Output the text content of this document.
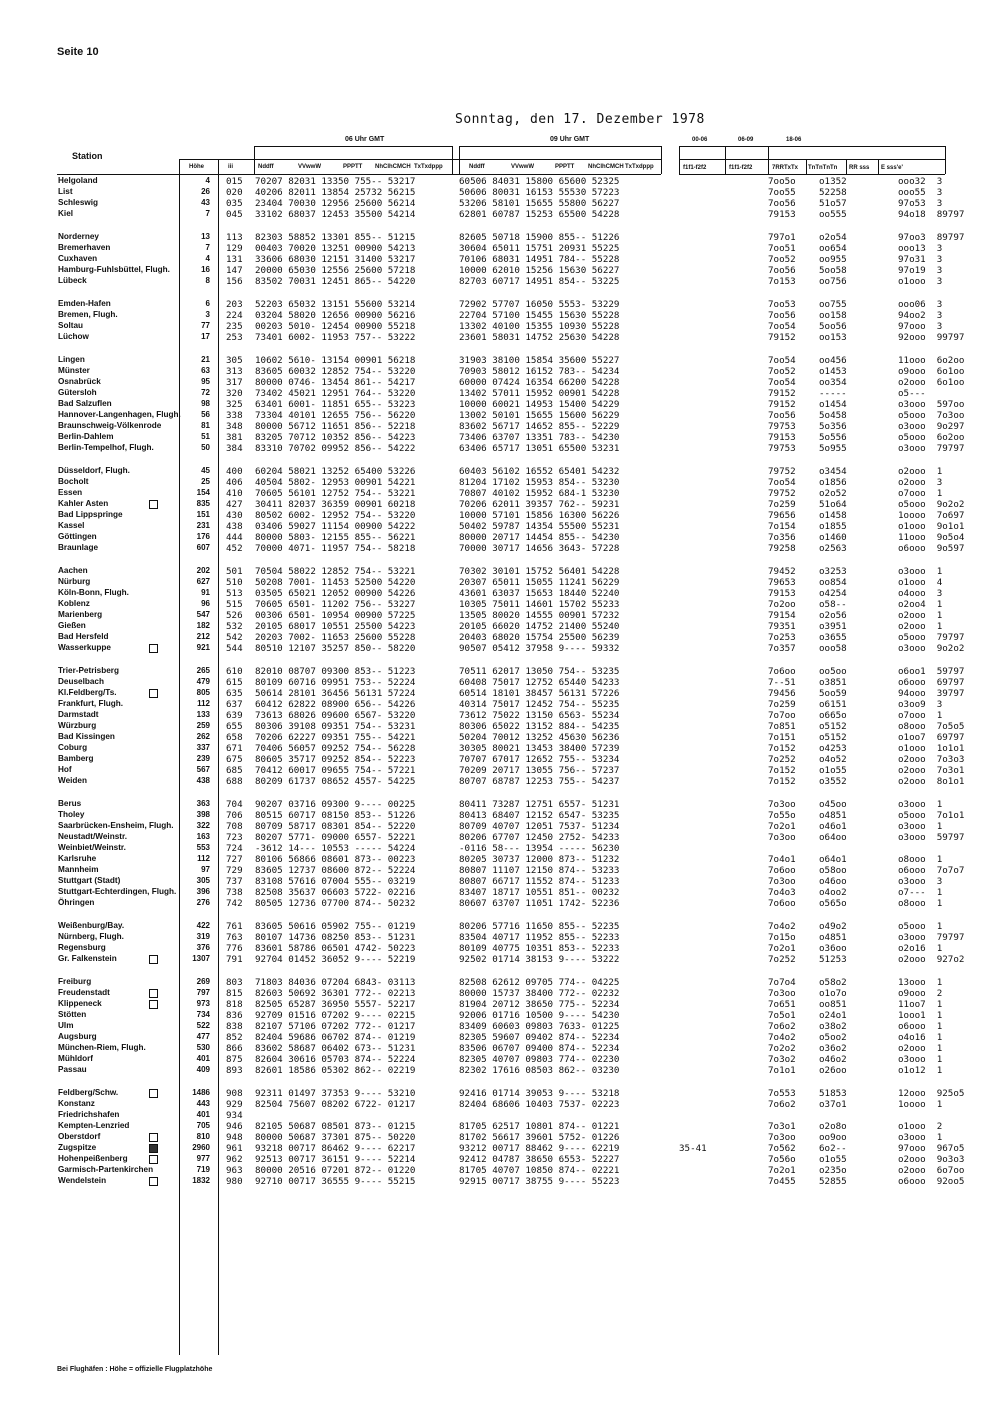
Seite 10
Sonntag, den 17. Dezember 1978
Station
Höhe	iii
06 Uhr GMT	09 Uhr GMT
Nddff	VVwwW	PPPTT NhClhCMCH TxTxdppp	Nddff	VVwwW	PPPTT NhClhCMCH TxTxdppp
00-06	06-09	18-06
f1f1-f2f2	f1f1-f2f2	7RRTxTx TnTnTnTn RR sss E sss'e'
Helgoland	4 015 70207 82031 13350 755-- 53217	60506 84031 15800 65600 52325	7oo5o	o1352	ooo32  3
List	26 020 40206 82011 13854 25732 56215	50606 80031 16153 55530 57223	7oo55	52258	ooo55  3
Schleswig	43 035 23404 70030 12956 25600 56214	53206 58101 15655 55800 56227	7oo56	51o57	97o53  3
Kiel	7 045 33102 68037 12453 35500 54214	62801 60787 15253 65500 54228	79153	oo555	94o18  89797
Norderney	13 113 82303 58852 13301 855-- 51215	82605 50718 15900 855-- 51226	797o1	o2o54	97oo3  89797
Bremerhaven	7 129 00403 70020 13251 00900 54213	30604 65011 15751 20931 55225	7oo51	oo654	ooo13  3
Cuxhaven	4 131 33606 68030 12151 31400 53217	70106 68031 14951 784-- 55228	7oo52	oo955	97o31  3
Hamburg-Fuhlsbüttel, Flugh.	16 147 20000 65030 12556 25600 57218	10000 62010 15256 15630 56227	7oo56	5oo58	97o19  3
Lübeck	8 156 83502 70031 12451 865-- 54220	82703 60717 14951 854-- 53225	7o153	oo756	o1ooo  3
Emden-Hafen	6 203 52203 65032 13151 55600 53214	72902 57707 16050 5553- 53229	7oo53	oo755	ooo06  3
Bremen, Flugh.	3 224 03204 58020 12656 00900 56216	22704 57100 15455 15630 55228	7oo56	oo158	94oo2  3
Soltau	77 235 00203 5010- 12454 00900 55218	13302 40100 15355 10930 55228	7oo54	5oo56	97ooo  3
Lüchow	17 253 73401 6002- 11953 757-- 53222	23601 58031 14752 25630 54228	79152	oo153	92ooo  99797
Lingen	21 305 10602 5610- 13154 00901 56218	31903 38100 15854 35600 55227	7oo54	oo456	11ooo  6o2oo
Münster	63 313 83605 60032 12852 754-- 53220	70903 58012 16152 783-- 54234	7oo52	o1453	o9ooo  6o1oo
Osnabrück	95 317 80000 0746- 13454 861-- 54217	60000 07424 16354 66200 54228	7oo54	oo354	o2ooo  6o1oo
Gütersloh	72 320 73402 45021 12951 764-- 53220	13402 57011 15952 00901 54228	79152	-----	o5---
Bad Salzuflen	98 325 63401 6001- 11851 655-- 53223	10000 60021 14953 15400 54229	79152	o1454	o3ooo  597oo
Hannover-Langenhagen, Flugh.	56 338 73304 40101 12655 756-- 56220	13002 50101 15655 15600 56229	7oo56	5o458	o5ooo  7o3oo
Braunschweig-Völkenrode	81 348 80000 56712 11651 856-- 52218	83602 56717 14652 855-- 52229	79753	5o356	o3ooo  9o297
Berlin-Dahlem	51 381 83205 70712 10352 856-- 54223	73406 63707 13351 783-- 54230	79153	5o556	o5ooo  6o2oo
Berlin-Tempelhof, Flugh.	50 384 83310 70702 09952 856-- 54222	63406 65717 13051 65500 53231	79753	5o955	o3ooo  79797
Düsseldorf, Flugh.	45 400 60204 58021 13252 65400 53226	60403 56102 16552 65401 54232	79752	o3454	o2ooo  1
Bocholt	25 406 40504 5802- 12953 00901 54221	81204 17102 15953 854-- 53230	7oo54	o1856	o2ooo  3
Essen	154 410 70605 56101 12752 754-- 53221	70807 40102 15952 684-1 53230	79752	o2o52	o7ooo  1
Kahler Asten	835 427 30411 82037 36359 00901 60218	70206 62011 39357 762-- 59231	7o259	51o64	o5ooo  9o2o2
Bad Lippspringe	151 430 80502 6002- 12952 754-- 53220	10000 57101 15856 16300 56226	79656	o1458	1oooo  7o697
Kassel	231 438 03406 59027 11154 00900 54222	50402 59787 14354 55500 55231	7o154	o1855	o1ooo  9o1o1
Göttingen	176 444 80000 5803- 12155 855-- 56221	80000 20717 14454 855-- 54230	7o356	o1460	11ooo  9o5o4
Braunlage	607 452 70000 4071- 11957 754-- 58218	70000 30717 14656 3643- 57228	79258	o2563	o6ooo  9o597
Aachen	202 501 70504 58022 12852 754-- 53221	70302 30101 15752 56401 54228	79452	o3253	o3ooo  1
Nürburg	627 510 50208 7001- 11453 52500 54220	20307 65011 15055 11241 56229	79653	oo854	o1ooo  4
Köln-Bonn, Flugh.	91 513 03505 65021 12052 00900 54226	43601 63037 15653 18440 52240	79153	o4254	o4ooo  3
Koblenz	96 515 70605 6501- 11202 756-- 53227	10305 75011 14601 15702 55233	7o2oo	o58--	o2oo4  1
Marienberg	547 526 00306 6501- 10954 00900 57225	13505 80020 14555 00901 57232	79154	o2o56	o2ooo  1
Gießen	182 532 20105 68017 10551 25500 54223	20105 66020 14752 21400 55240	79351	o3951	o2ooo  1
Bad Hersfeld	212 542 20203 7002- 11653 25600 55228	20403 68020 15754 25500 56239	7o253	o3655	o5ooo  79797
Wasserkuppe	921 544 80510 12107 35257 850-- 58220	90507 05412 37958 9---- 59332	7o357	ooo58	o3ooo  9o2o2
Trier-Petrisberg	265 610 82010 08707 09300 853-- 51223	70511 62017 13050 754-- 53235	7o6oo	oo5oo	o6oo1  59797
Deuselbach	479 615 80109 60716 09951 753-- 52224	60408 75017 12752 65440 54233	7--51	o3851	o6ooo  69797
Kl.Feldberg/Ts.	805 635 50614 28101 36456 56131 57224	60514 18101 38457 56131 57226	79456	5oo59	94ooo  39797
Frankfurt, Flugh.	112 637 60412 62822 08900 656-- 54226	40314 75017 12452 754-- 55235	7o259	o6151	o3oo9  3
Darmstadt	133 639 73613 68026 09600 6567- 53220	73612 75022 13150 6563- 55234	7o7oo	o665o	o7ooo  1
Würzburg	259 655 80306 39108 09351 754-- 53231	80306 65022 13152 884-- 54235	7o851	o5152	o8ooo  7o5o5
Bad Kissingen	262 658 70206 62227 09351 755-- 54221	50204 70012 13252 45630 56236	7o151	o5152	o1oo7  69797
Coburg	337 671 70406 56057 09252 754-- 56228	30305 80021 13453 38400 57239	7o152	o4253	o1ooo  1o1o1
Bamberg	239 675 80605 35717 09252 854-- 52223	70707 67017 12652 755-- 53234	7o252	o4o52	o2ooo  7o3o3
Hof	567 685 70412 60017 09655 754-- 57221	70209 20717 13055 756-- 57237	7o152	o1o55	o2ooo  7o3o1
Weiden	438 688 80209 61737 08652 4557- 54225	80707 68787 12253 755-- 54237	7o152	o3552	o2ooo  8o1o1
Berus	363 704 90207 03716 09300 9---- 00225	80411 73287 12751 6557- 51231	7o3oo	o45oo	o3ooo  1
Tholey	398 706 80515 60717 08150 853-- 51226	80413 68407 12152 6547- 53235	7o55o	o4851	o5ooo  7o1o1
Saarbrücken-Ensheim, Flugh.	322 708 80709 58717 08301 854-- 52220	80709 40707 12051 7537- 51234	7o2o1	o46o1	o3ooo  1
Neustadt/Weinstr.	163 723 80207 5771- 09000 6557- 52221	80206 67707 12450 2752- 54233	7o3oo	o64oo	o3ooo  59797
Weinbiet/Weinstr.	553 724 -3612 14--- 10553 ----- 54224	-0116 58--- 13954 ----- 56230
Karlsruhe	112 727 80106 56866 08601 873-- 00223	80205 30737 12000 873-- 51232	7o4o1	o64o1	o8ooo  1
Mannheim	97 729 83605 12737 08600 872-- 52224	80807 11107 12150 874-- 53233	7o6oo	o58oo	o6ooo  7o7o7
Stuttgart (Stadt)	305 737 83108 57616 07004 555-- 03219	80807 66717 11552 874-- 51233	7o3oo	o46oo	o3ooo  3
Stuttgart-Echterdingen, Flugh.	396 738 82508 35637 06603 5722- 02216	83407 18717 10551 851-- 00232	7o4o3	o4oo2	o7---  1
Öhringen	276 742 80505 12736 07700 874-- 50232	80607 63707 11051 1742- 52236	7o6oo	o565o	o8ooo  1
Weißenburg/Bay.	422 761 83605 50616 05902 755-- 01219	80206 57716 11650 855-- 52235	7o4o2	o49o2	o5ooo  1
Nürnberg, Flugh.	319 763 80107 14736 08250 853-- 51231	83504 40717 11952 855-- 52233	7o15o	o4851	o3ooo  79797
Regensburg	376 776 83601 58786 06501 4742- 50223	80109 40775 10351 853-- 52233	7o2o1	o36oo	o2o16  1
Gr. Falkenstein	1307 791 92704 01452 36052 9---- 52219	92502 01714 38153 9---- 53222	7o252	51253	o2ooo  927o2
Freiburg	269 803 71803 84036 07204 6843- 03113	82508 62612 09705 774-- 04225	7o7o4	o58o2	13ooo  1
Freudenstadt	797 815 82603 50692 36301 772-- 02213	80000 15737 38400 772-- 02232	7o3oo	o1o7o	o9ooo  2
Klippeneck	973 818 82505 65287 36950 5557- 52217	81904 20712 38650 775-- 52234	7o651	oo851	11oo7  1
Stötten	734 836 92709 01516 07202 9---- 02215	92006 01716 10500 9---- 54230	7o5o1	o24o1	1ooo1  1
Ulm	522 838 82107 57106 07202 772-- 01217	83409 60603 09803 7633- 01225	7o6o2	o38o2	o6ooo  1
Augsburg	477 852 82404 59686 06702 874-- 01219	82305 59607 09402 874-- 52234	7o4o2	o5oo2	o4o16  1
München-Riem, Flugh.	530 866 83602 58687 06402 673-- 51231	83506 06707 09400 874-- 52234	7o2o2	o36o2	o2ooo  1
Mühldorf	401 875 82604 30616 05703 874-- 52224	82305 40707 09803 774-- 02230	7o3o2	o46o2	o3ooo  1
Passau	409 893 82601 18586 05302 862-- 02219	82302 17616 08503 862-- 03230	7o1o1	o26oo	o1o12  1
Feldberg/Schw.	1486 908 92311 01497 37353 9---- 53210	92416 01714 39053 9---- 53218	7o553	51853	12ooo  925o5
Konstanz	443 929 82504 75607 08202 6722- 01217	82404 68606 10403 7537- 02223	7o6o2	o37o1	1oooo  1
Friedrichshafen	401 934
Kempten-Lenzried	705 946 82105 50687 08501 873-- 01215	81705 62517 10801 874-- 01221	7o3o1	o2o8o	o1ooo  2
Oberstdorf	810 948 80000 50687 37301 875-- 50220	81702 56617 39601 5752- 01226	7o3oo	oo9oo	o3ooo  1
Zugspitze	2960 961 93218 00717 86462 9---- 62217	93212 00717 88462 9---- 62219	35-41	7o562	6o2--	97ooo  967o5
Hohenpeißenberg	977 962 92513 00717 36151 9---- 52214	92412 04787 38650 6553- 52227	7o56o	o1o55	o2ooo  9o3o3
Garmisch-Partenkirchen	719 963 80000 20516 07201 872-- 01220	81705 40707 10850 874-- 02221	7o2o1	o235o	o2ooo  6o7oo
Wendelstein	1832 980 92710 00717 36555 9---- 55215	92915 00717 38755 9---- 55223	7o455	52855	o6ooo  92oo5
Bei Flughäfen : Höhe = offizielle Flugplatzhöhe
